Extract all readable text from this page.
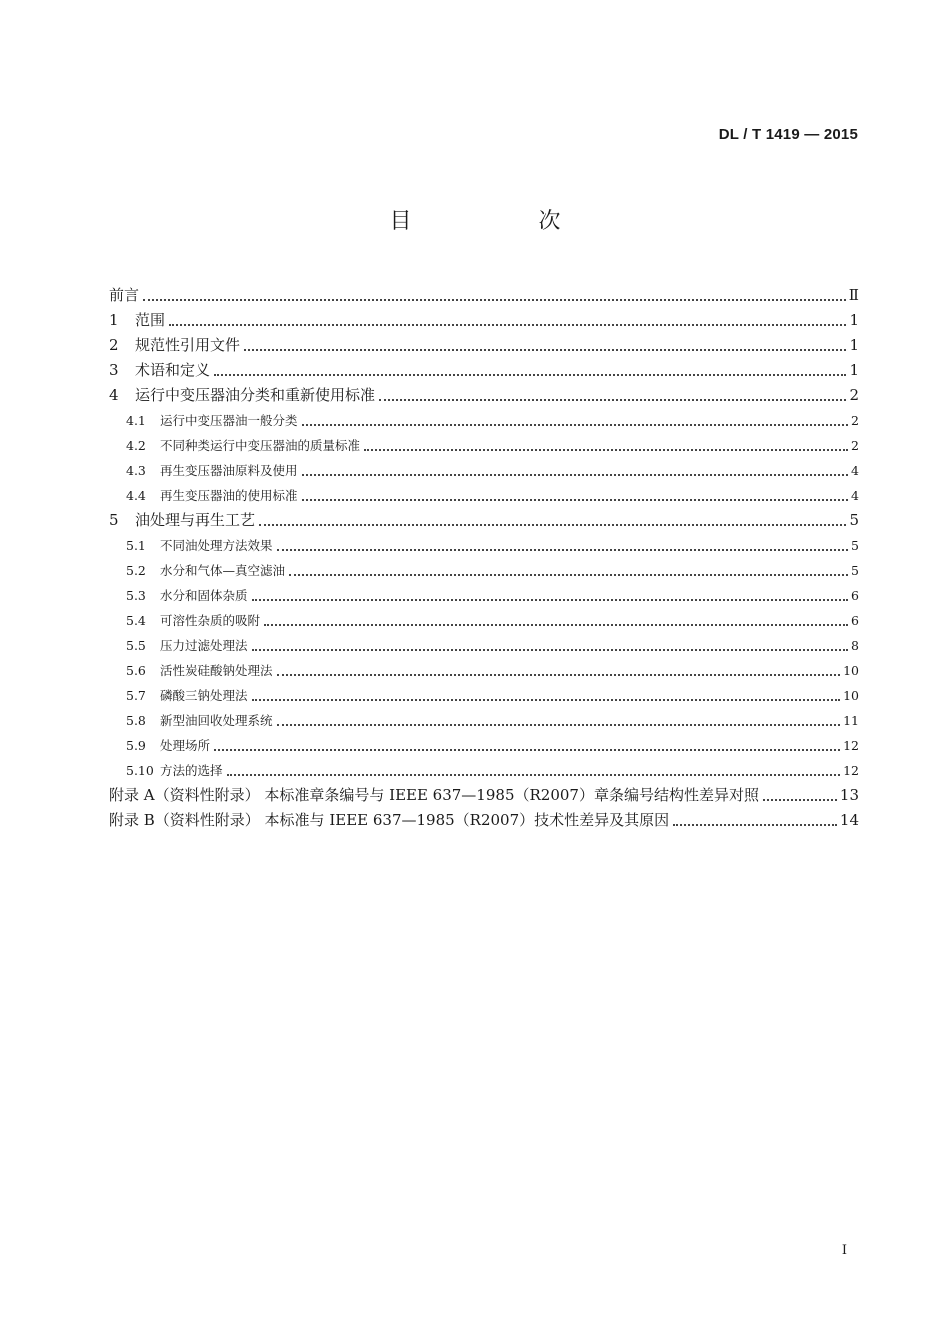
DL / T 1419 — 2015
目 次
前言	Ⅱ
1	范围	1
2	规范性引用文件	1
3	术语和定义	1
4	运行中变压器油分类和重新使用标准	2
4.1	运行中变压器油一般分类	2
4.2	不同种类运行中变压器油的质量标准	2
4.3	再生变压器油原料及使用	4
4.4	再生变压器油的使用标准	4
5	油处理与再生工艺	5
5.1	不同油处理方法效果	5
5.2	水分和气体—真空滤油	5
5.3	水分和固体杂质	6
5.4	可溶性杂质的吸附	6
5.5	压力过滤处理法	8
5.6	活性炭硅酸钠处理法	10
5.7	磷酸三钠处理法	10
5.8	新型油回收处理系统	11
5.9	处理场所	12
5.10 方法的选择	12
附录 A（资料性附录） 本标准章条编号与 IEEE 637—1985（R2007）章条编号结构性差异对照	13
附录 B（资料性附录） 本标准与 IEEE 637—1985（R2007）技术性差异及其原因	14
I
